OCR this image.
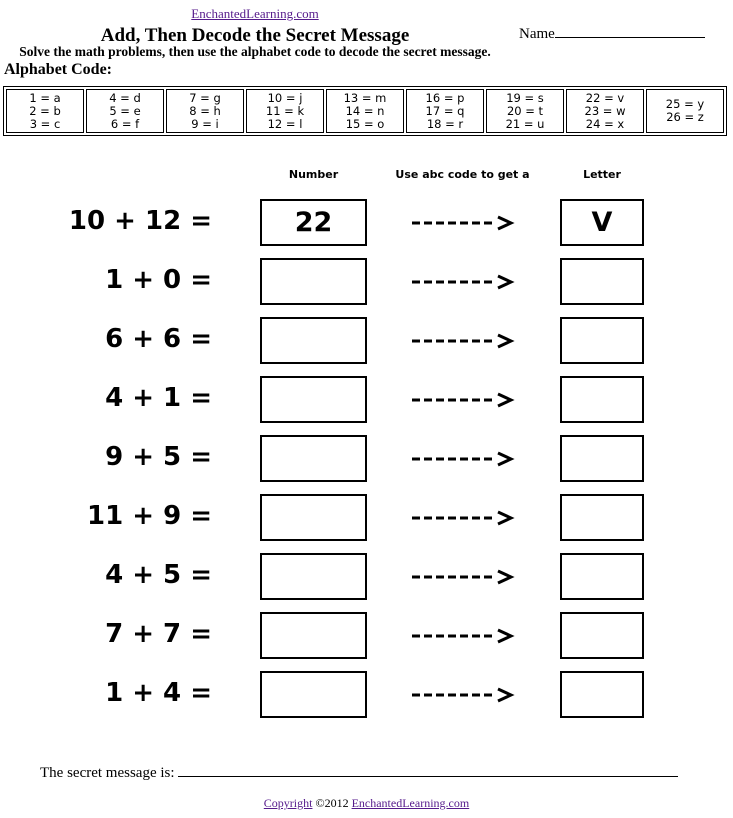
EnchantedLearning.com
Add, Then Decode the Secret Message	Name
Solve the math problems, then use the alphabet code to decode the secret message.
Alphabet Code:
1 = a
2 = b
3 = c
4 = d
5 = e
6 = f
7 = g
8 = h
9 = i
10 = j
11 = k
12 = l
13 = m
14 = n
15 = o
16 = p
17 = q
18 = r
19 = s
20 = t
21 = u
22 = v
23 = w
24 = x
25 = y
26 = z
Number	Use abc code to get a	Letter
10 + 12 =	22	V
1 + 0 =
6 + 6 =
4 + 1 =
9 + 5 =
11 + 9 =
4 + 5 =
7 + 7 =
1 + 4 =
The secret message is:
Copyright ©2012 EnchantedLearning.com
